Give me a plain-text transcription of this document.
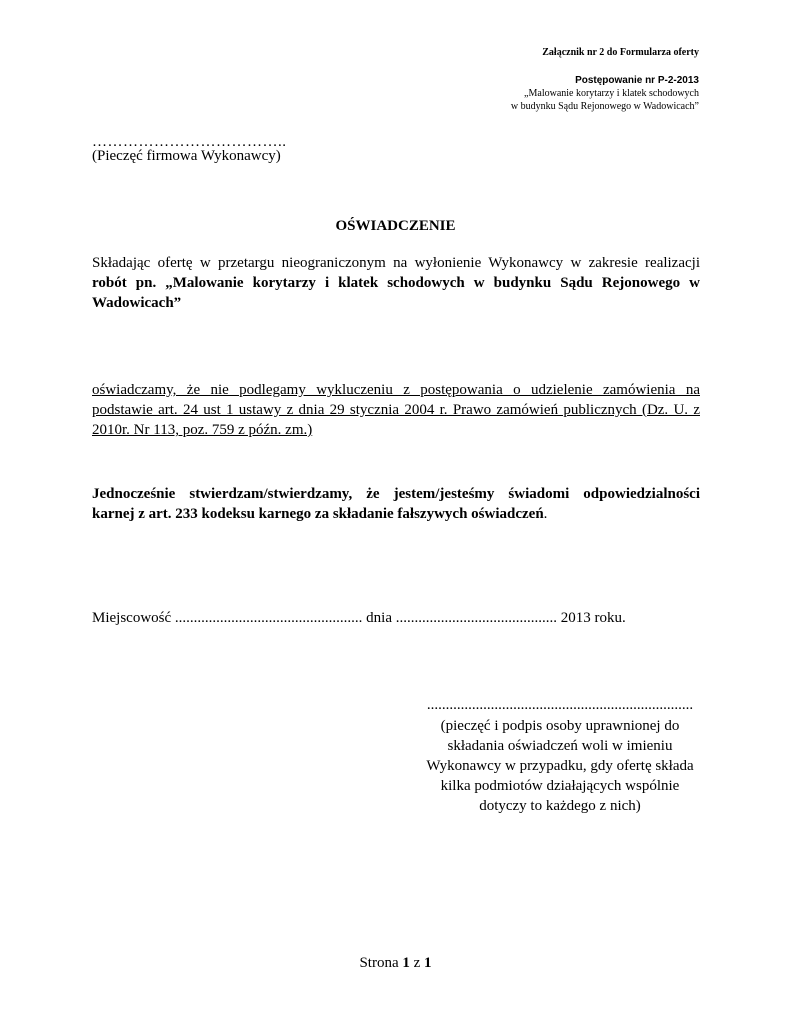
Załącznik nr 2 do Formularza oferty
Postępowanie nr P-2-2013
„Malowanie korytarzy i klatek schodowych
w budynku Sądu Rejonowego w Wadowicach”
………………………………..
(Pieczęć firmowa Wykonawcy)
OŚWIADCZENIE
Składając ofertę w przetargu nieograniczonym na wyłonienie Wykonawcy w zakresie realizacji
robót pn. „Malowanie korytarzy i klatek schodowych w budynku Sądu Rejonowego w
Wadowicach”
oświadczamy, że nie podlegamy wykluczeniu z postępowania o udzielenie zamówienia na
podstawie art. 24 ust 1 ustawy z dnia 29 stycznia 2004 r. Prawo zamówień publicznych (Dz. U. z
2010r. Nr 113, poz. 759 z późn. zm.)
Jednocześnie stwierdzam/stwierdzamy, że jestem/jesteśmy świadomi odpowiedzialności
karnej z art. 233 kodeksu karnego za składanie fałszywych oświadczeń.
Miejscowość .................................................. dnia ........................................... 2013 roku.
.......................................................................
(pieczęć i podpis osoby uprawnionej do
składania oświadczeń woli w imieniu
Wykonawcy w przypadku, gdy ofertę składa
kilka podmiotów działających wspólnie
dotyczy to każdego z nich)
Strona 1 z 1
